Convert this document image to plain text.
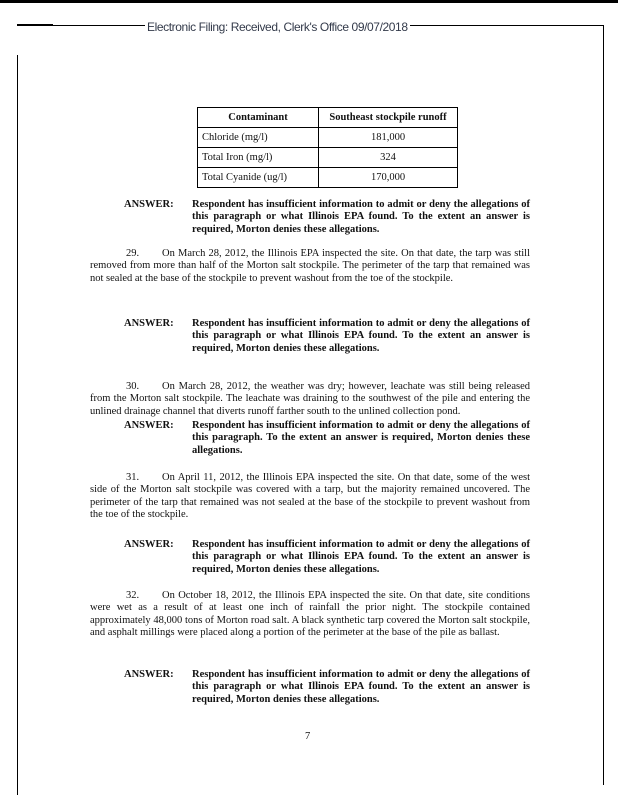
Electronic Filing: Received, Clerk's Office 09/07/2018
Contaminant	Southeast stockpile runoff
Chloride (mg/l)	181,000
Total Iron (mg/l)	324
Total Cyanide (ug/l)	170,000
ANSWER: Respondent has insufficient information to admit or deny the allegations of this paragraph or what Illinois EPA found. To the extent an answer is required, Morton denies these allegations.
29. On March 28, 2012, the Illinois EPA inspected the site. On that date, the tarp was still removed from more than half of the Morton salt stockpile. The perimeter of the tarp that remained was not sealed at the base of the stockpile to prevent washout from the toe of the stockpile.
ANSWER: Respondent has insufficient information to admit or deny the allegations of this paragraph or what Illinois EPA found. To the extent an answer is required, Morton denies these allegations.
30. On March 28, 2012, the weather was dry; however, leachate was still being released from the Morton salt stockpile. The leachate was draining to the southwest of the pile and entering the unlined drainage channel that diverts runoff farther south to the unlined collection pond.
ANSWER: Respondent has insufficient information to admit or deny the allegations of this paragraph. To the extent an answer is required, Morton denies these allegations.
31. On April 11, 2012, the Illinois EPA inspected the site. On that date, some of the west side of the Morton salt stockpile was covered with a tarp, but the majority remained uncovered. The perimeter of the tarp that remained was not sealed at the base of the stockpile to prevent washout from the toe of the stockpile.
ANSWER: Respondent has insufficient information to admit or deny the allegations of this paragraph or what Illinois EPA found. To the extent an answer is required, Morton denies these allegations.
32. On October 18, 2012, the Illinois EPA inspected the site. On that date, site conditions were wet as a result of at least one inch of rainfall the prior night. The stockpile contained approximately 48,000 tons of Morton road salt. A black synthetic tarp covered the Morton salt stockpile, and asphalt millings were placed along a portion of the perimeter at the base of the pile as ballast.
ANSWER: Respondent has insufficient information to admit or deny the allegations of this paragraph or what Illinois EPA found. To the extent an answer is required, Morton denies these allegations.
7
